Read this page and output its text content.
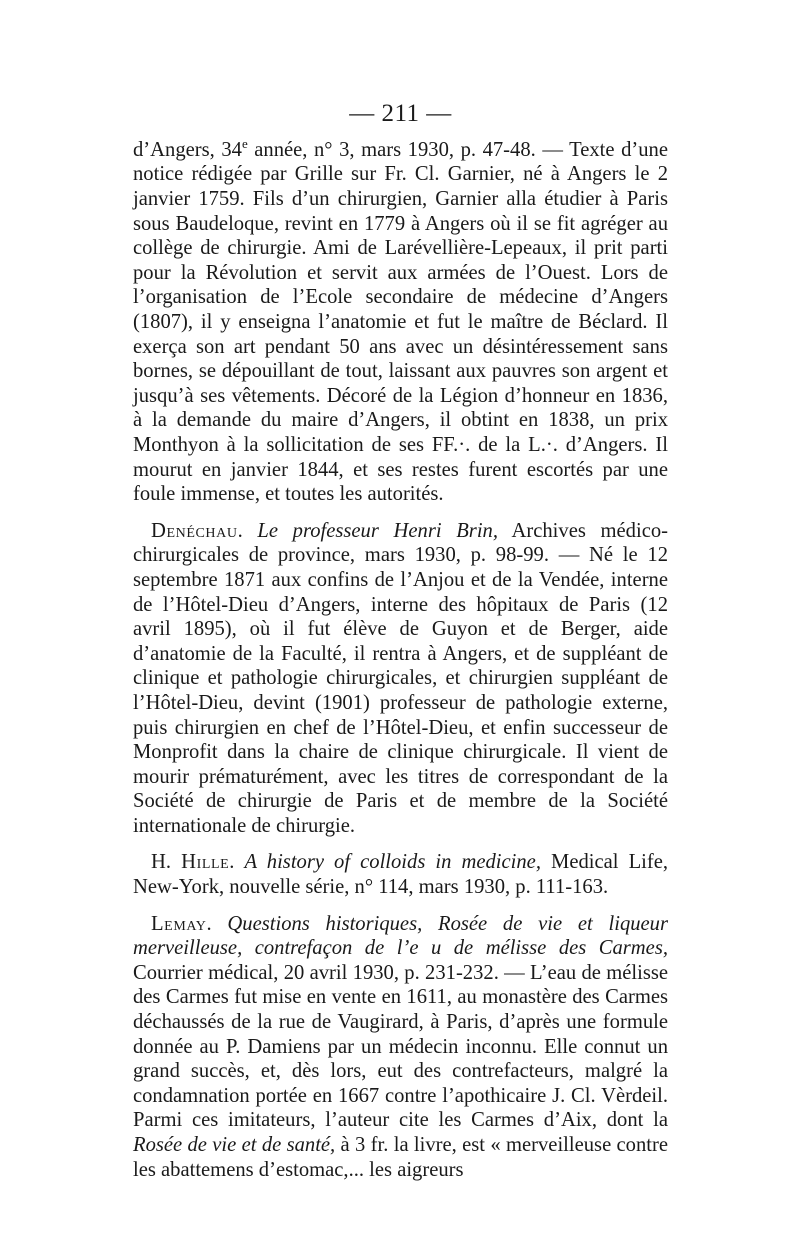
— 211 —

d’Angers, 34e année, n° 3, mars 1930, p. 47-48. — Texte d’une notice rédigée par Grille sur Fr. Cl. Garnier, né à Angers le 2 janvier 1759. Fils d’un chirurgien, Garnier alla étudier à Paris sous Baudeloque, revint en 1779 à Angers où il se fit agréger au collège de chirurgie. Ami de Larévellière-Lepeaux, il prit parti pour la Révolution et servit aux armées de l’Ouest. Lors de l’organisation de l’Ecole secondaire de médecine d’Angers (1807), il y enseigna l’anatomie et fut le maître de Béclard. Il exerça son art pendant 50 ans avec un désintéressement sans bornes, se dépouillant de tout, laissant aux pauvres son argent et jusqu’à ses vêtements. Décoré de la Légion d’honneur en 1836, à la demande du maire d’Angers, il obtint en 1838, un prix Monthyon à la sollicitation de ses FF.·. de la L.·. d’Angers. Il mourut en janvier 1844, et ses restes furent escortés par une foule immense, et toutes les autorités.

Denéchau. Le professeur Henri Brin, Archives médico-chirurgicales de province, mars 1930, p. 98-99. — Né le 12 septembre 1871 aux confins de l’Anjou et de la Vendée, interne de l’Hôtel-Dieu d’Angers, interne des hôpitaux de Paris (12 avril 1895), où il fut élève de Guyon et de Berger, aide d’anatomie de la Faculté, il rentra à Angers, et de suppléant de clinique et pathologie chirurgicales, et chirurgien suppléant de l’Hôtel-Dieu, devint (1901) professeur de pathologie externe, puis chirurgien en chef de l’Hôtel-Dieu, et enfin successeur de Monprofit dans la chaire de clinique chirurgicale. Il vient de mourir prématurément, avec les titres de correspondant de la Société de chirurgie de Paris et de membre de la Société internationale de chirurgie.

H. Hille. A history of colloids in medicine, Medical Life, New-York, nouvelle série, n° 114, mars 1930, p. 111-163.

Lemay. Questions historiques, Rosée de vie et liqueur merveilleuse, contrefaçon de l’e u de mélisse des Carmes, Courrier médical, 20 avril 1930, p. 231-232. — L’eau de mélisse des Carmes fut mise en vente en 1611, au monastère des Carmes déchaussés de la rue de Vaugirard, à Paris, d’après une formule donnée au P. Damiens par un médecin inconnu. Elle connut un grand succès, et, dès lors, eut des contrefacteurs, malgré la condamnation portée en 1667 contre l’apothicaire J. Cl. Vèrdeil. Parmi ces imitateurs, l’auteur cite les Carmes d’Aix, dont la Rosée de vie et de santé, à 3 fr. la livre, est « merveilleuse contre les abattemens d’estomac,... les aigreurs
